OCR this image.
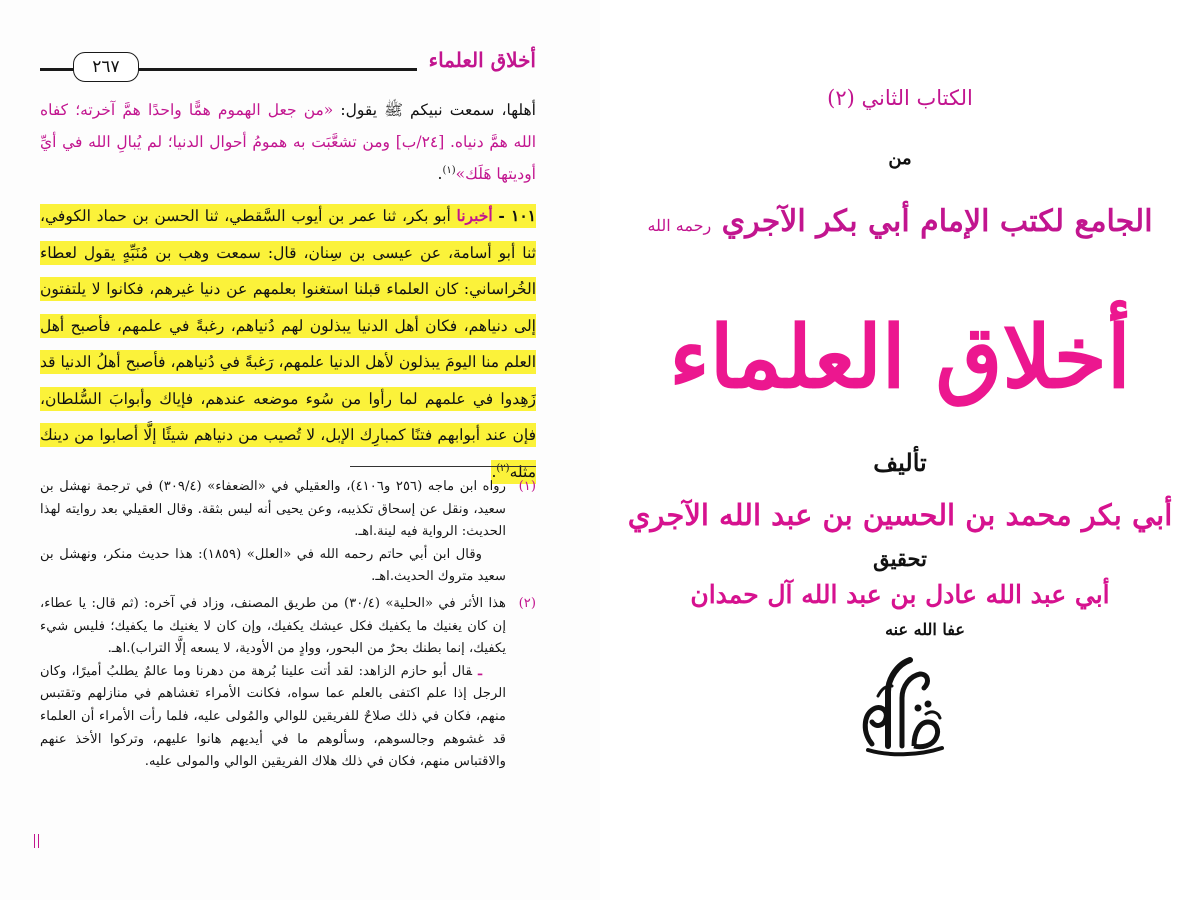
٢٦٧	أخلاق العلماء
أهلها، سمعت نبيكم ﷺ يقول: «من جعل الهموم همًّا واحدًا همَّ آخرته؛ كفاه الله همَّ دنياه. [٢٤/ب] ومن تشعَّبَت به همومُ أحوال الدنيا؛ لم يُبالِ الله في أيِّ أوديتها هَلَك»$^{(١)}$.
١٠١ - أخبرنا أبو بكر، ثنا عمر بن أيوب السَّقطي، ثنا الحسن بن حماد الكوفي، ثنا أبو أسامة، عن عيسى بن سِنان، قال: سمعت وهب بن مُنَبِّهٍ يقول لعطاء الخُراساني: كان العلماء قبلنا استغنوا بعلمهم عن دنيا غيرهم، فكانوا لا يلتفتون إلى دنياهم، فكان أهل الدنيا يبذلون لهم دُنياهم، رغبةً في علمهم، فأصبح أهل العلم منا اليومَ يبذلون لأهل الدنيا علمهم، رَغبةً في دُنياهم، فأصبح أهلُ الدنيا قد زَهِدوا في علمهم لما رأوا من سُوء موضعه عندهم، فإياك وأبوابَ السُّلطان، فإن عند أبوابهم فتنًا كمبارِك الإبل، لا تُصيب من دنياهم شيئًا إلَّا أصابوا من دينك مثله$^{(٢)}$.
(١)

رواه ابن ماجه (٢٥٦ و٤١٠٦)، والعقيلي في «الضعفاء» (٣٠٩/٤) في ترجمة نهشل بن سعيد، ونقل عن إسحاق تكذيبه، وعن يحيى أنه ليس بثقة. وقال العقيلي بعد روايته لهذا الحديث: الرواية فيه لينة.اهـ.

وقال ابن أبي حاتم رحمه الله في «العلل» (١٨٥٩): هذا حديث منكر، ونهشل بن سعيد متروك الحديث.اهـ.

(٢)

هذا الأثر في «الحلية» (٣٠/٤) من طريق المصنف، وزاد في آخره: (ثم قال: يا عطاء، إن كان يغنيك ما يكفيك فكل عيشك يكفيك، وإن كان لا يغنيك ما يكفيك؛ فليس شيء يكفيك، إنما بطنك بحرٌ من البحور، ووادٍ من الأودية، لا يسعه إلَّا التراب).اهـ.

ـقال أبو حازم الزاهد: لقد أتت علينا بُرهة من دهرنا وما عالمٌ يطلبُ أميرًا، وكان الرجل إذا علم اكتفى بالعلم عما سواه، فكانت الأمراء تغشاهم في منازلهم وتقتبس منهم، فكان في ذلك صلاحٌ للفريقين للوالي والمُولى عليه، فلما رأت الأمراء أن العلماء قد غشوهم وجالسوهم، وسألوهم ما في أيديهم هانوا عليهم، وتركوا الأخذ عنهم والاقتباس منهم، فكان في ذلك هلاك الفريقين الوالي والمولى عليه.

الكتاب الثاني (٢)
من
الجامع لكتب الإمام أبي بكر الآجري رحمه الله
أخلاق العلماء
تأليف
أبي بكر محمد بن الحسين بن عبد الله الآجري
تحقيق
أبي عبد الله عادل بن عبد الله آل حمدان
عفا الله عنه
